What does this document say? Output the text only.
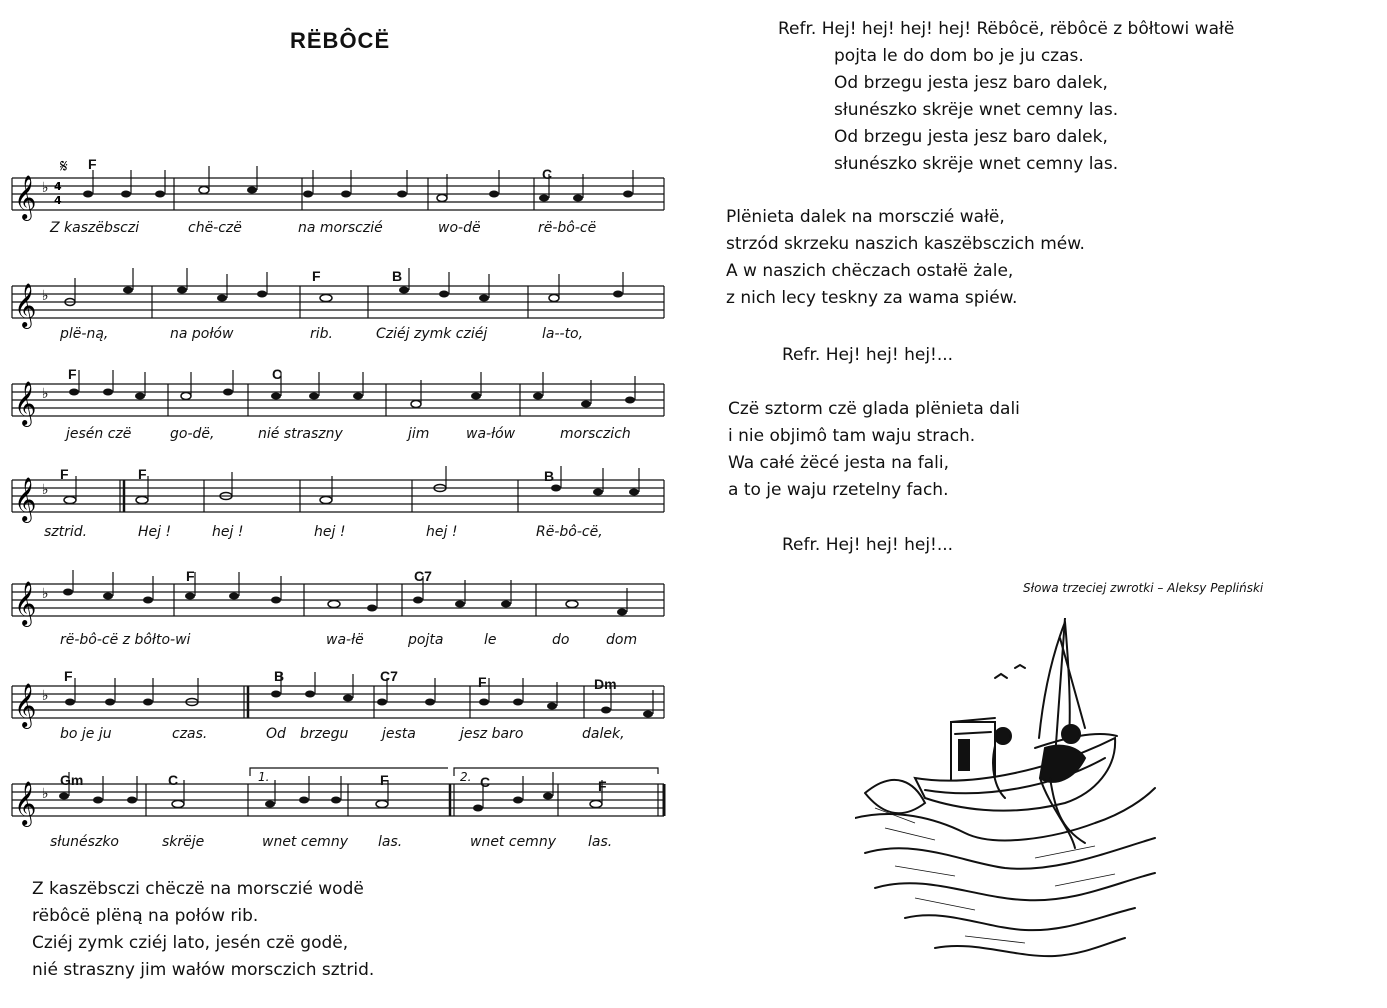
RËBÔCË
𝄞 ♭ 4
4
𝄋 F
C
Z kaszëbsczi	chë-czë	na morsczié	wo-dë	rë-bô-cë
𝄞 ♭
F	B
plë-ną,	na połów	rib.	Cziéj zymk cziéj	la--to,
𝄞 ♭
F	C
jesén czë	go-dë,	nié straszny	jim	wa-łów	morsczich
𝄞 ♭
F	F	B
sztrid.	Hej !	hej !	hej !	hej !	Rë-bô-cë,
𝄞 ♭
F	C7
rë-bô-cë z bôłto-wi	wa-łë	pojta	le	do	dom
𝄞 ♭
F	B	C7	F	Dm
bo je ju	czas.	Od brzegu jesta	jesz baro	dalek,
𝄞 ♭
Gm	C	F	C	F
1.	2.
słunészko	skrëje	wnet cemny las.	wnet cemny las.
Z kaszëbsczi chëczë na morsczié wodë
rëbôcë plëną na połów rib.
Cziéj zymk cziéj lato, jesén czë godë,
nié straszny jim wałów morsczich sztrid.
Refr. Hej! hej! hej! hej! Rëbôcë, rëbôcë z bôłtowi wałë
pojta le do dom bo je ju czas.
Od brzegu jesta jesz baro dalek,
słunészko skrëje wnet cemny las.
Od brzegu jesta jesz baro dalek,
słunészko skrëje wnet cemny las.
Plënieta dalek na morsczié wałë,
strzód skrzeku naszich kaszëbsczich méw.
A w naszich chëczach ostałë żale,
z nich lecy teskny za wama spiéw.
Refr. Hej! hej! hej!...
Czë sztorm czë glada plënieta dali
i nie objimô tam waju strach.
Wa całé żëcé jesta na fali,
a to je waju rzetelny fach.
Refr. Hej! hej! hej!...
Słowa trzeciej zwrotki – Aleksy Pepliński
